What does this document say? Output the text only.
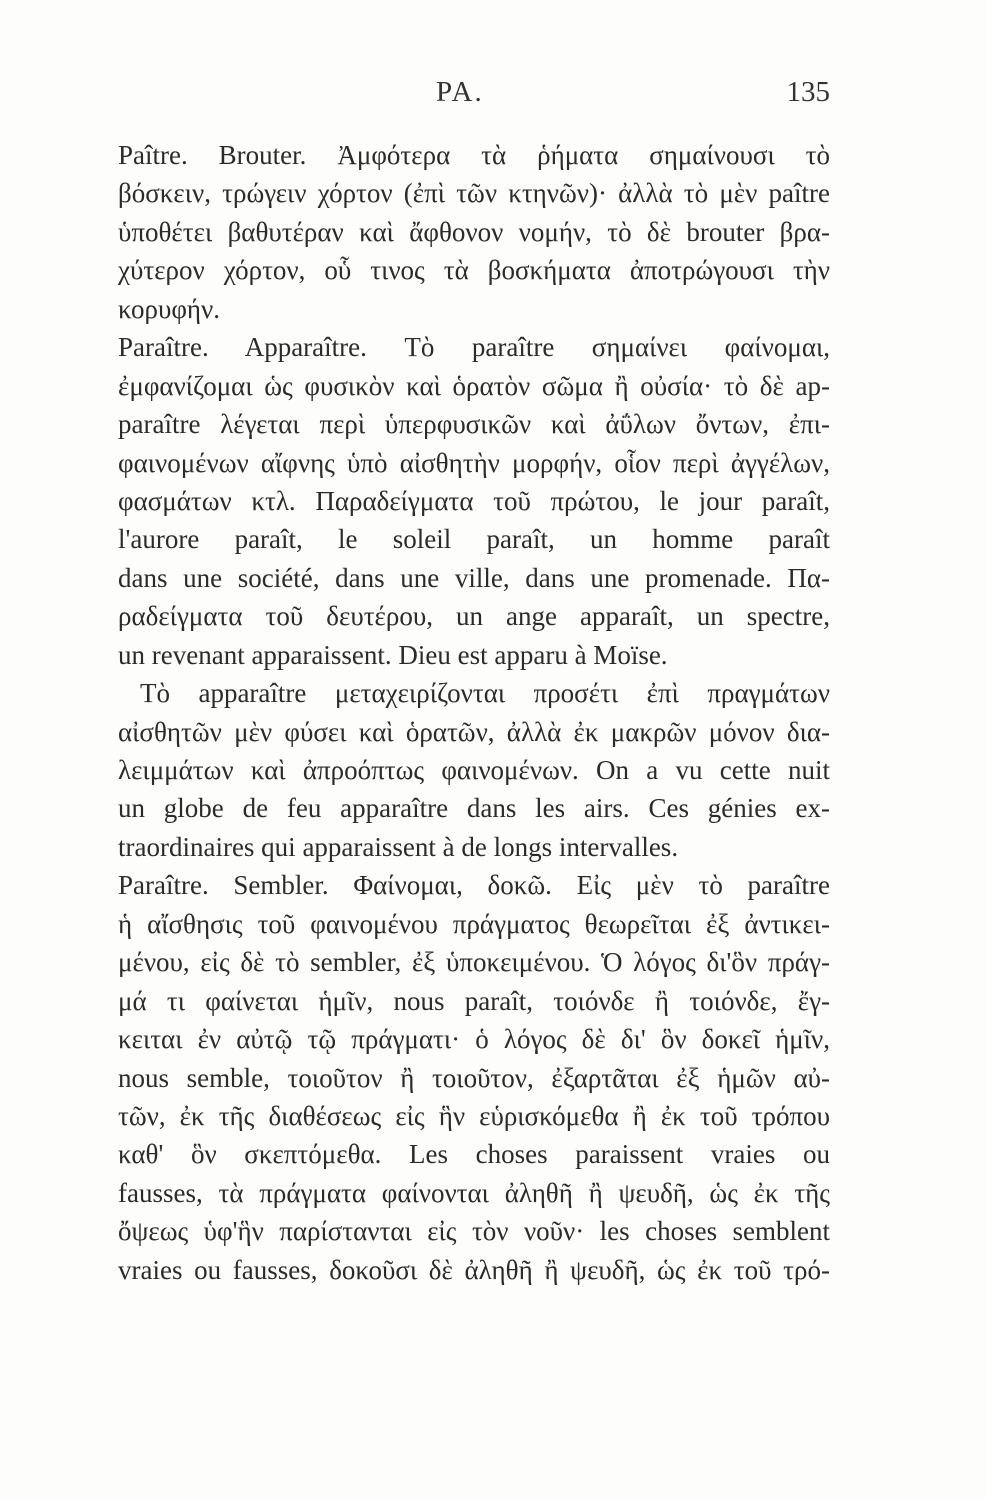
ΡΑ.	135
Paître. Brouter. Ἀμφότερα τὰ ῥήματα σημαίνουσι τὸ
βόσκειν, τρώγειν χόρτον (ἐπὶ τῶν κτηνῶν)· ἀλλὰ τὸ μὲν paître
ὑποθέτει βαθυτέραν καὶ ἄφθονον νομήν, τὸ δὲ brouter βρα-
χύτερον χόρτον, οὗ τινος τὰ βοσκήματα ἀποτρώγουσι τὴν
κορυφήν.
Paraître. Apparaître. Τὸ paraître σημαίνει φαίνομαι,
ἐμφανίζομαι ὡς φυσικὸν καὶ ὁρατὸν σῶμα ἢ οὐσία· τὸ δὲ ap-
paraître λέγεται περὶ ὑπερφυσικῶν καὶ ἀΰλων ὄντων, ἐπι-
φαινομένων αἴφνης ὑπὸ αἰσθητὴν μορφήν, οἷον περὶ ἀγγέλων,
φασμάτων κτλ. Παραδείγματα τοῦ πρώτου, le jour paraît,
l'aurore paraît, le soleil paraît, un homme paraît
dans une société, dans une ville, dans une promenade. Πα-
ραδείγματα τοῦ δευτέρου, un ange apparaît, un spectre,
un revenant apparaissent. Dieu est apparu à Moïse.
Τὸ apparaître μεταχειρίζονται προσέτι ἐπὶ πραγμάτων
αἰσθητῶν μὲν φύσει καὶ ὁρατῶν, ἀλλὰ ἐκ μακρῶν μόνον δια-
λειμμάτων καὶ ἀπροόπτως φαινομένων. On a vu cette nuit
un globe de feu apparaître dans les airs. Ces génies ex-
traordinaires qui apparaissent à de longs intervalles.
Paraître. Sembler. Φαίνομαι, δοκῶ. Εἰς μὲν τὸ paraître
ἡ αἴσθησις τοῦ φαινομένου πράγματος θεωρεῖται ἐξ ἀντικει-
μένου, εἰς δὲ τὸ sembler, ἐξ ὑποκειμένου. Ὁ λόγος δι'ὃν πράγ-
μά τι φαίνεται ἡμῖν, nous paraît, τοιόνδε ἢ τοιόνδε, ἔγ-
κειται ἐν αὐτῷ τῷ πράγματι· ὁ λόγος δὲ δι' ὃν δοκεῖ ἡμῖν,
nous semble, τοιοῦτον ἢ τοιοῦτον, ἐξαρτᾶται ἐξ ἡμῶν αὐ-
τῶν, ἐκ τῆς διαθέσεως εἰς ἣν εὑρισκόμεθα ἢ ἐκ τοῦ τρόπου
καθ' ὃν σκεπτόμεθα. Les choses paraissent vraies ou
fausses, τὰ πράγματα φαίνονται ἀληθῆ ἢ ψευδῆ, ὡς ἐκ τῆς
ὄψεως ὑφ'ἣν παρίστανται εἰς τὸν νοῦν· les choses semblent
vraies ou fausses, δοκοῦσι δὲ ἀληθῆ ἢ ψευδῆ, ὡς ἐκ τοῦ τρό-
